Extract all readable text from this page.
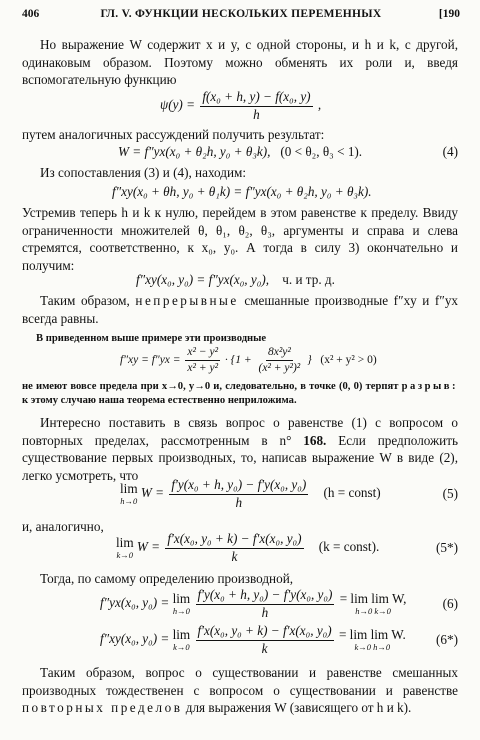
406	ГЛ. V. ФУНКЦИИ НЕСКОЛЬКИХ ПЕРЕМЕННЫХ	[190

Но выражение W содержит x и y, с одной стороны, и h и k, с другой, одинаковым образом. Поэтому можно обменять их роли и, введя вспомогательную функцию

$\psi(y) = \frac{\text{f(x₀ + h, y) − f(x₀, y)}}{h}$ ,

путем аналогичных рассуждений получить результат:

W = f″yx(x₀ + θ₂h, y₀ + θ₃k), (0 < θ₂, θ₃ < 1).	(4)

Из сопоставления (3) и (4), находим:

f″xy(x₀ + θh, y₀ + θ₁k) = f″yx(x₀ + θ₂h, y₀ + θ₃k).

Устремив теперь h и k к нулю, перейдем в этом равенстве к пределу. Ввиду ограниченности множителей θ, θ₁, θ₂, θ₃, аргументы и справа и слева стремятся, соответственно, к x₀, y₀. А тогда в силу 3) окончательно и получим:

f″xy(x₀, y₀) = f″yx(x₀, y₀), ч. и тр. д.

Таким образом, непрерывные смешанные производные f″xy и f″yx всегда равны.

В приведенном выше примере эти производные

$f''xy = f''yx = \frac{\text{x² − y²}}{\text{x² + y²}} \cdot \{1 + \frac{\text{8x²y²}}{\text{(x² + y²)²}}$ } (x² + y² > 0)

не имеют вовсе предела при x→0, y→0 и, следовательно, в точке (0, 0) терпят разрыв: к этому случаю наша теорема естественно неприложима.

Интересно поставить в связь вопрос о равенстве (1) с вопросом о повторных пределах, рассмотренным в n° 168. Если предположить существование первых производных, то, написав выражение W в виде (2), легко усмотреть, что

lim
h→0
$W = \frac{\text{f′y(x₀ + h, y₀) − f′y(x₀, y₀)}}{h} (h$ = const)	(5)

и, аналогично,

lim
k→0
$W = \frac{\text{f′x(x₀, y₀ + k) − f′x(x₀, y₀)}}{k} (k$ = const).	(5*)

Тогда, по самому определению производной,

f″yx(x₀, y₀) = lim
h→0
$\frac{\text{f′y(x₀ + h, y₀) − f′y(x₀, y₀)}}{h}$
= lim lim W,
h→0 k→0
(6)
f″xy(x₀, y₀) = lim
k→0
$\frac{\text{f′x(x₀, y₀ + k) − f′x(x₀, y₀)}}{k}$
= lim lim W.
k→0 h→0
(6*)

Таким образом, вопрос о существовании и равенстве смешанных производных тождественен с вопросом о существовании и равенстве повторных пределов для выражения W (зависящего от h и k).
